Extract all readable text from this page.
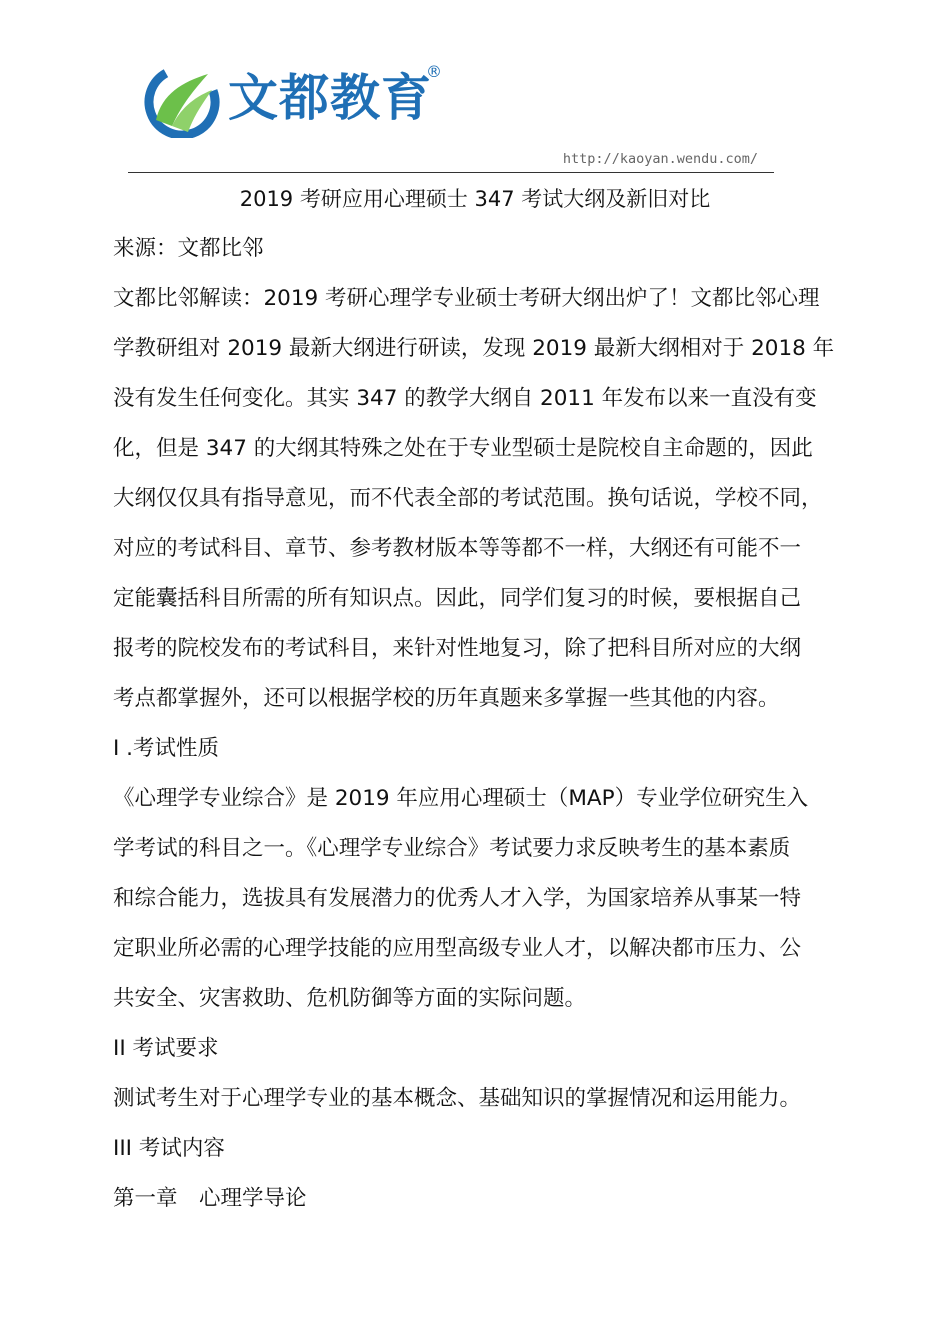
文都教育
®
http://kaoyan.wendu.com/
2019 考研应用心理硕士 347 考试大纲及新旧对比
来源：文都比邻
文都比邻解读：2019 考研心理学专业硕士考研大纲出炉了！文都比邻心理
学教研组对 2019 最新大纲进行研读，发现 2019 最新大纲相对于 2018 年
没有发生任何变化。其实 347 的教学大纲自 2011 年发布以来一直没有变
化，但是 347 的大纲其特殊之处在于专业型硕士是院校自主命题的，因此
大纲仅仅具有指导意见，而不代表全部的考试范围。换句话说，学校不同，
对应的考试科目、章节、参考教材版本等等都不一样，大纲还有可能不一
定能囊括科目所需的所有知识点。因此，同学们复习的时候，要根据自己
报考的院校发布的考试科目，来针对性地复习，除了把科目所对应的大纲
考点都掌握外，还可以根据学校的历年真题来多掌握一些其他的内容。
I .考试性质
《心理学专业综合》是 2019 年应用心理硕士（MAP）专业学位研究生入
学考试的科目之一。《心理学专业综合》考试要力求反映考生的基本素质
和综合能力，选拔具有发展潜力的优秀人才入学，为国家培养从事某一特
定职业所必需的心理学技能的应用型高级专业人才，以解决都市压力、公
共安全、灾害救助、危机防御等方面的实际问题。
II 考试要求
测试考生对于心理学专业的基本概念、基础知识的掌握情况和运用能力。
III 考试内容
第一章　心理学导论
